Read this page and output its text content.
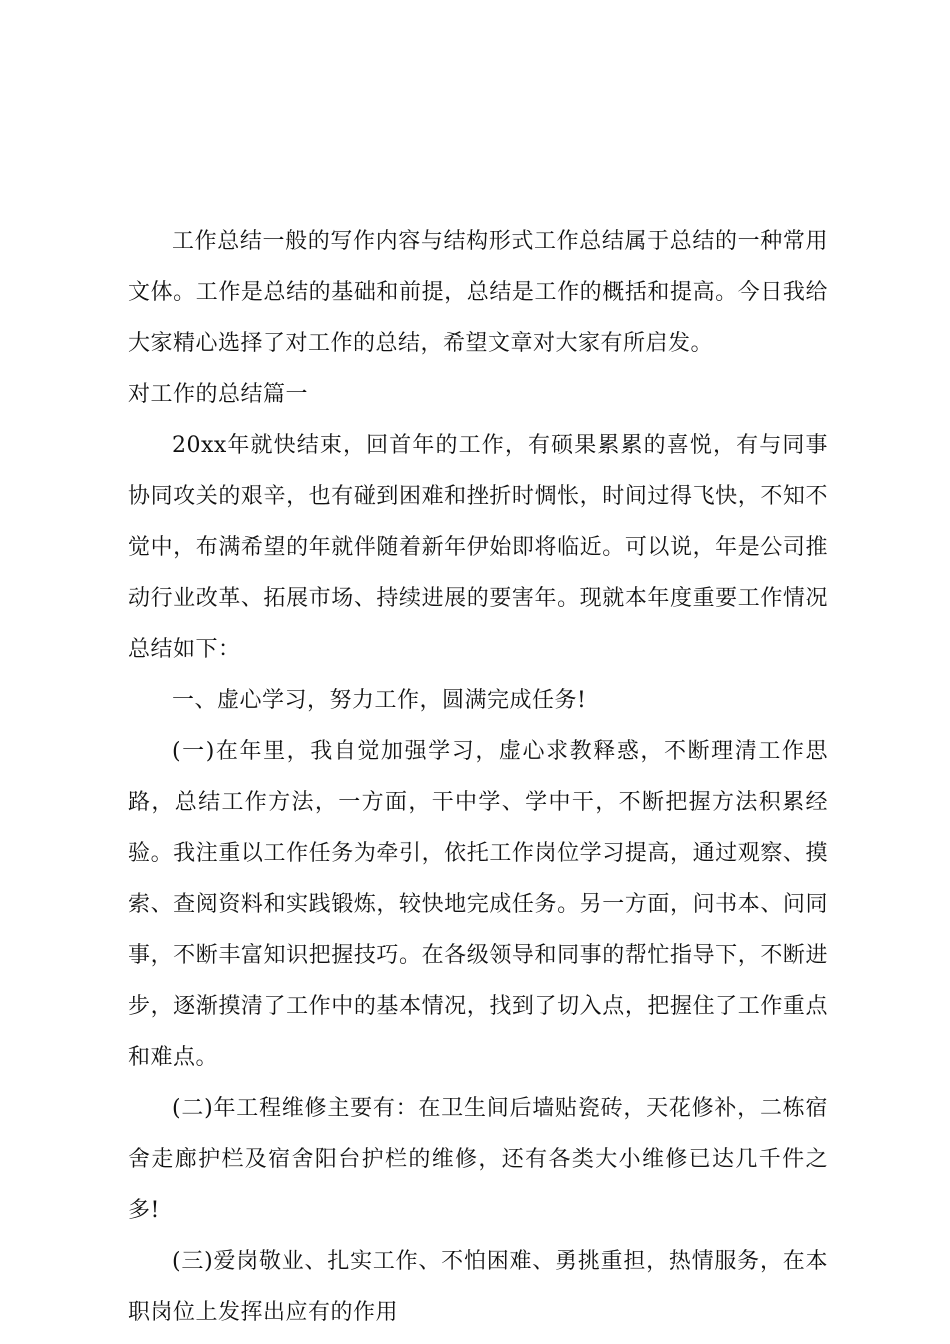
工作总结一般的写作内容与结构形式工作总结属于总结的一种常用文体。工作是总结的基础和前提，总结是工作的概括和提高。今日我给大家精心选择了对工作的总结，希望文章对大家有所启发。

对工作的总结篇一

20xx年就快结束，回首年的工作，有硕果累累的喜悦，有与同事协同攻关的艰辛，也有碰到困难和挫折时惆怅，时间过得飞快，不知不觉中，布满希望的年就伴随着新年伊始即将临近。可以说，年是公司推动行业改革、拓展市场、持续进展的要害年。现就本年度重要工作情况总结如下：

一、虚心学习，努力工作，圆满完成任务!

(一)在年里，我自觉加强学习，虚心求教释惑，不断理清工作思路，总结工作方法，一方面，干中学、学中干，不断把握方法积累经验。我注重以工作任务为牵引，依托工作岗位学习提高，通过观察、摸索、查阅资料和实践锻炼，较快地完成任务。另一方面，问书本、问同事，不断丰富知识把握技巧。在各级领导和同事的帮忙指导下，不断进步，逐渐摸清了工作中的基本情况，找到了切入点，把握住了工作重点和难点。

(二)年工程维修主要有：在卫生间后墙贴瓷砖，天花修补，二栋宿舍走廊护栏及宿舍阳台护栏的维修，还有各类大小维修已达几千件之多!

(三)爱岗敬业、扎实工作、不怕困难、勇挑重担，热情服务，在本职岗位上发挥出应有的作用
